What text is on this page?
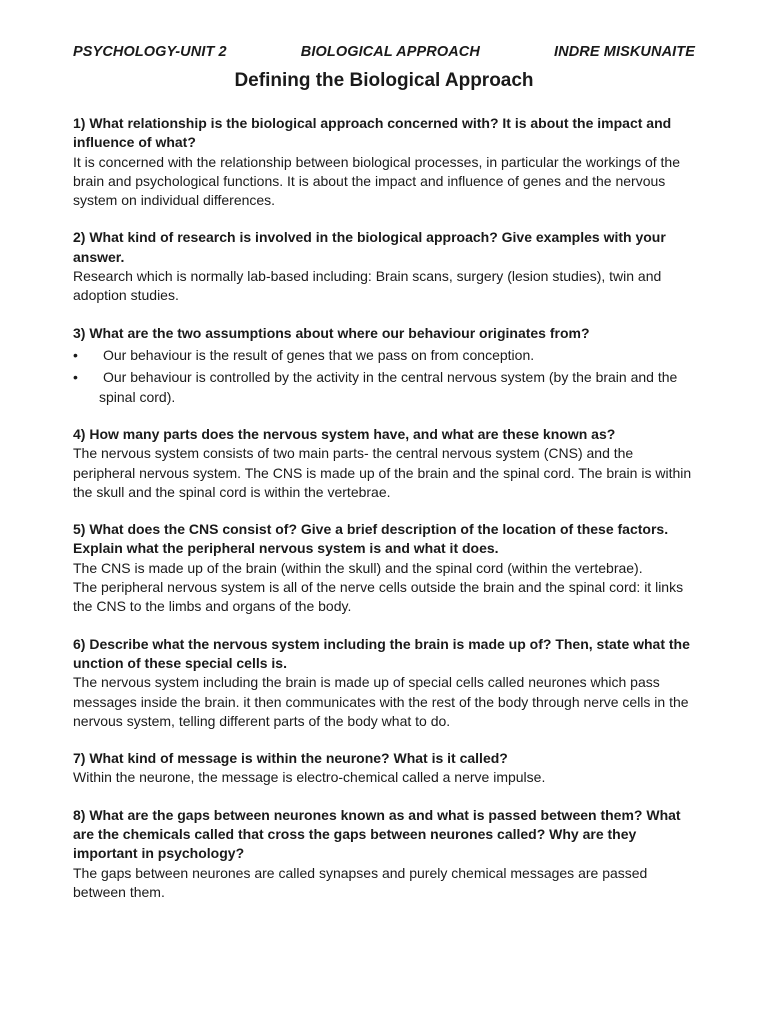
PSYCHOLOGY-UNIT 2	BIOLOGICAL APPROACH	INDRE MISKUNAITE
Defining the Biological Approach
1) What relationship is the biological approach concerned with? It is about the impact and influence of what?
It is concerned with the relationship between biological processes, in particular the workings of the brain and psychological functions. It is about the impact and influence of genes and the nervous system on individual differences.
2) What kind of research is involved in the biological approach? Give examples with your answer.
Research which is normally lab-based including: Brain scans, surgery (lesion studies), twin and adoption studies.
3) What are the two assumptions about where our behaviour originates from?
• Our behaviour is the result of genes that we pass on from conception.
• Our behaviour is controlled by the activity in the central nervous system (by the brain and the spinal cord).
4) How many parts does the nervous system have, and what are these known as?
The nervous system consists of two main parts- the central nervous system (CNS) and the peripheral nervous system. The CNS is made up of the brain and the spinal cord. The brain is within the skull and the spinal cord is within the vertebrae.
5) What does the CNS consist of? Give a brief description of the location of these factors. Explain what the peripheral nervous system is and what it does.
The CNS is made up of the brain (within the skull) and the spinal cord (within the vertebrae).
The peripheral nervous system is all of the nerve cells outside the brain and the spinal cord: it links the CNS to the limbs and organs of the body.
6) Describe what the nervous system including the brain is made up of? Then, state what the unction of these special cells is.
The nervous system including the brain is made up of special cells called neurones which pass messages inside the brain. it then communicates with the rest of the body through nerve cells in the nervous system, telling different parts of the body what to do.
7) What kind of message is within the neurone? What is it called?
Within the neurone, the message is electro-chemical called a nerve impulse.
8) What are the gaps between neurones known as and what is passed between them? What are the chemicals called that cross the gaps between neurones called? Why are they important in psychology?
The gaps between neurones are called synapses and purely chemical messages are passed between them.
